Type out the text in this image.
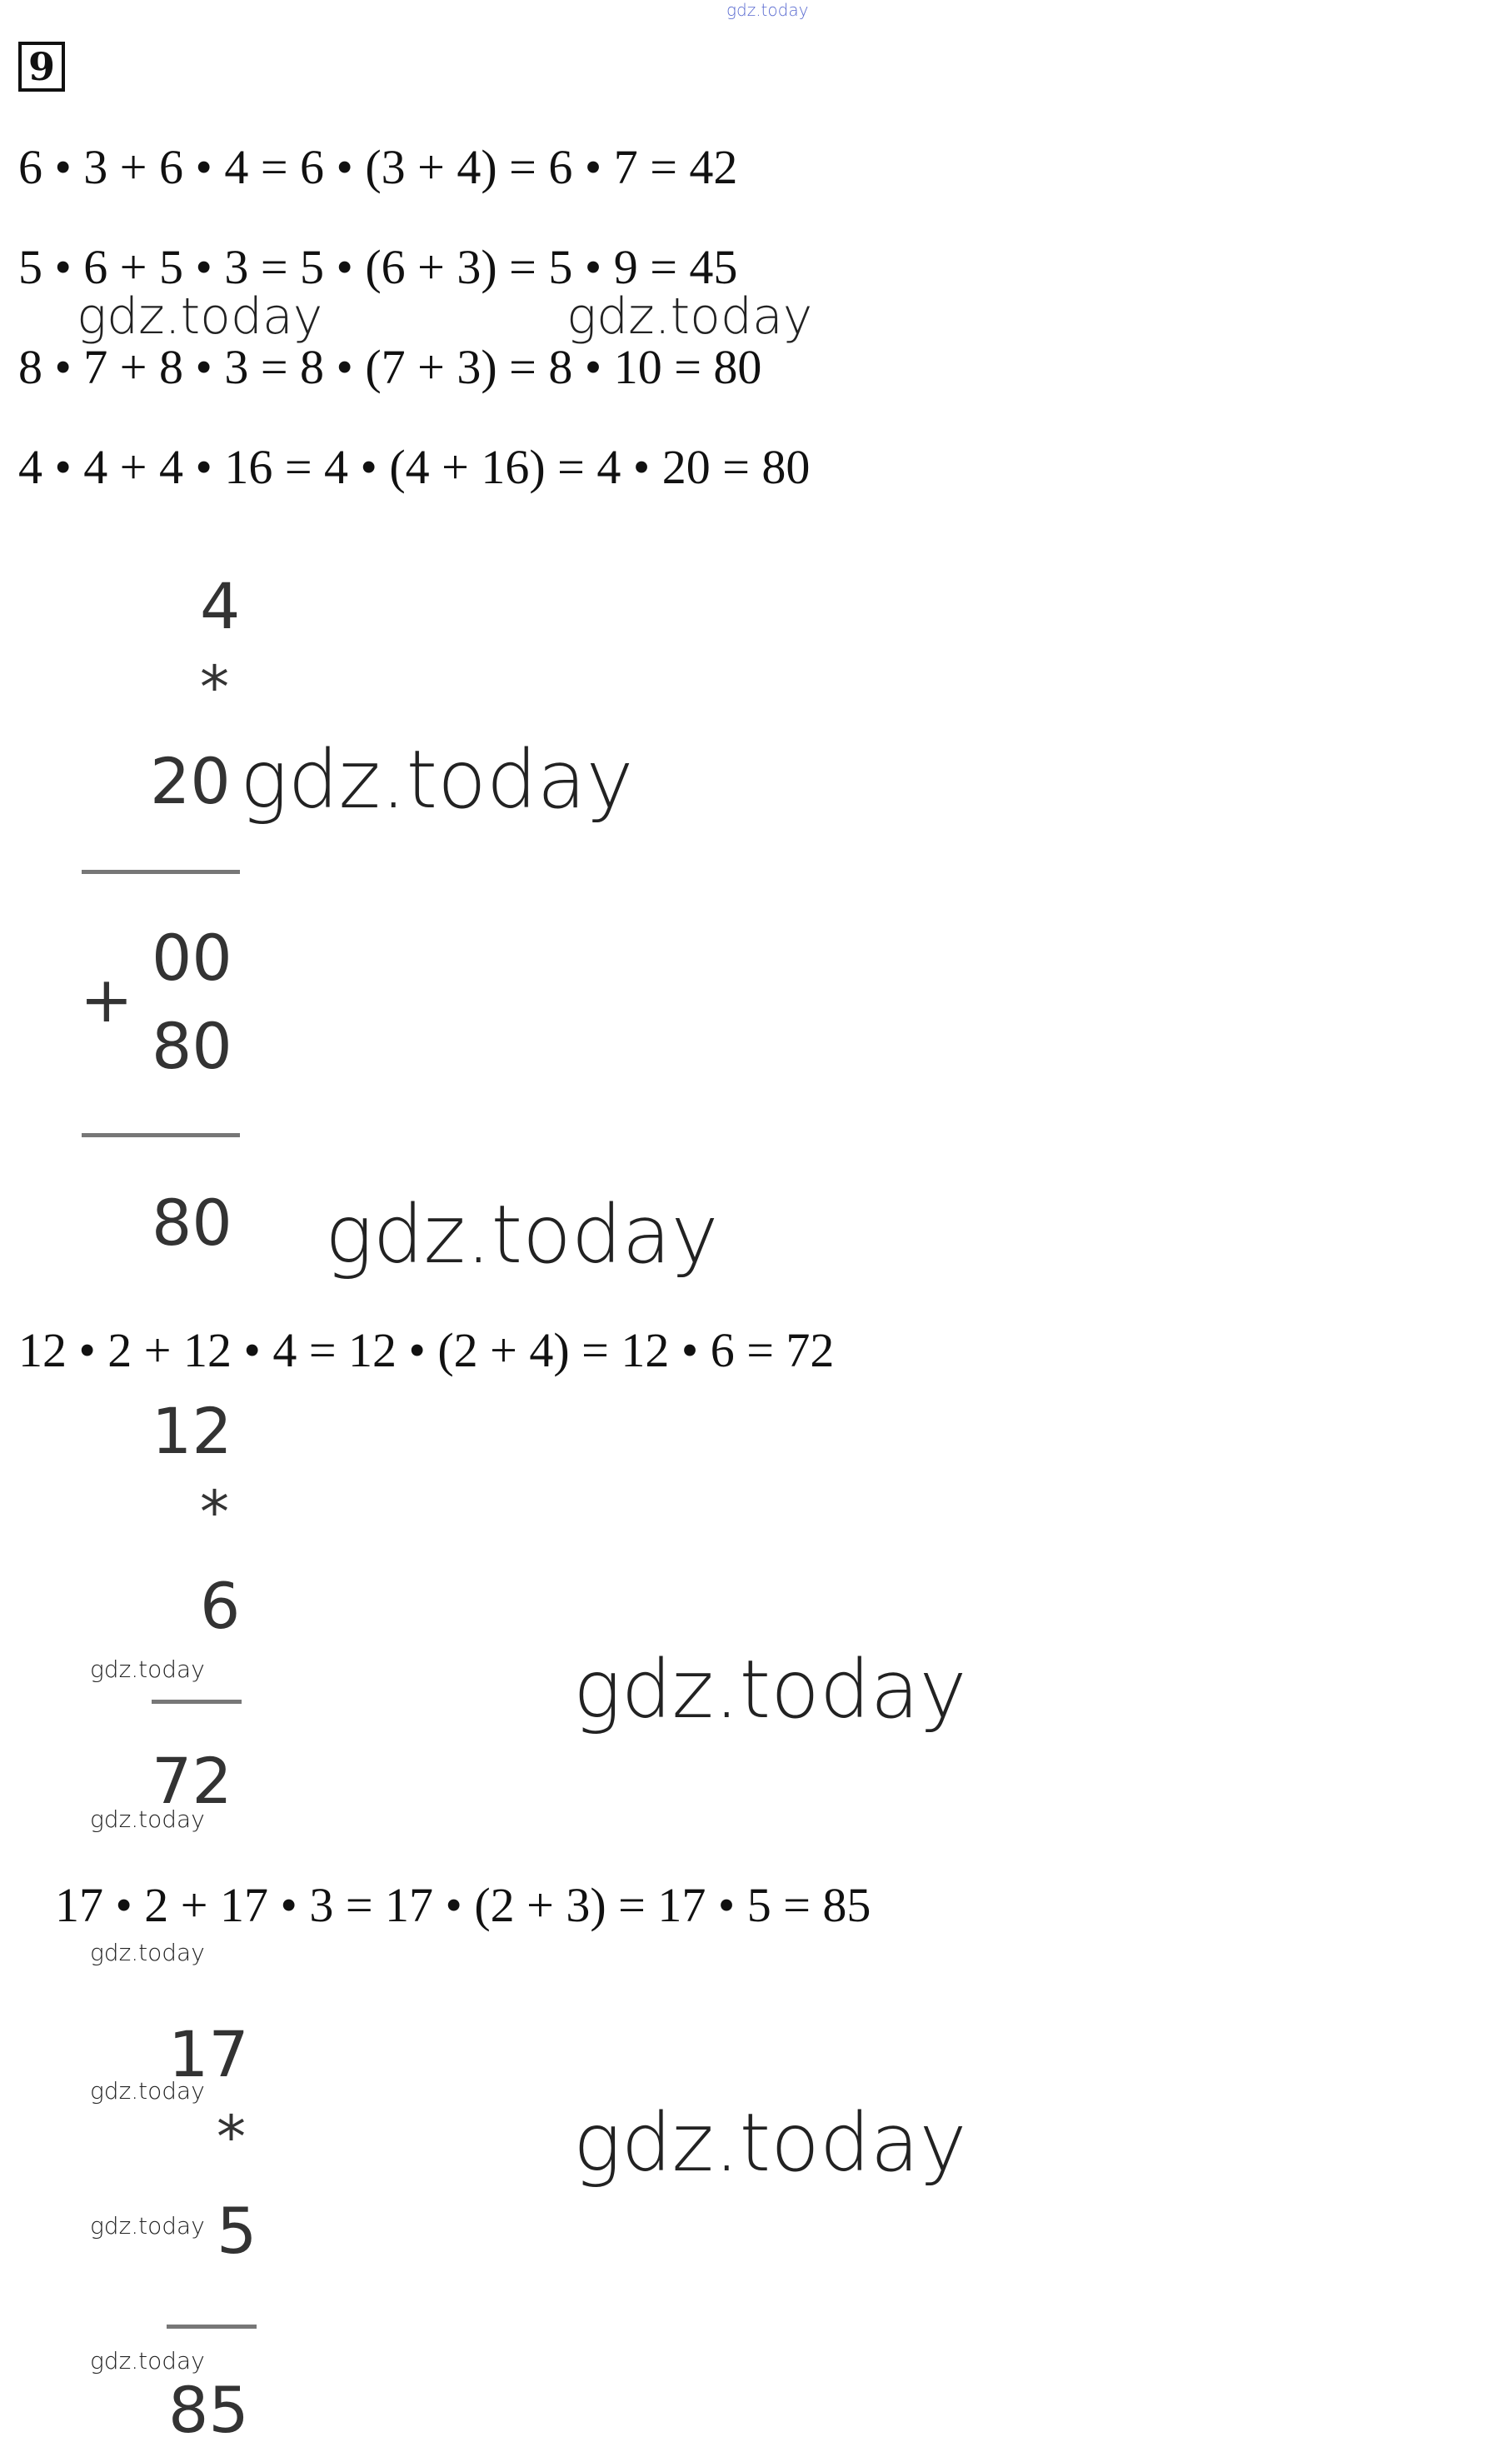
gdz.today
9
6 • 3 + 6 • 4 = 6 • (3 + 4) = 6 • 7 = 42
5 • 6 + 5 • 3 = 5 • (6 + 3) = 5 • 9 = 45
gdz.today	gdz.today
8 • 7 + 8 • 3 = 8 • (7 + 3) = 8 • 10 = 80
4 • 4 + 4 • 16 = 4 • (4 + 16) = 4 • 20 = 80
4
*
20 gdz.today
00
+
80
80 gdz.today
12 • 2 + 12 • 4 = 12 • (2 + 4) = 12 • 6 = 72
12
*
6
gdz.today	gdz.today
72
gdz.today
17 • 2 + 17 • 3 = 17 • (2 + 3) = 17 • 5 = 85
gdz.today
17
gdz.today
*	gdz.today
gdz.today 5
gdz.today
85
